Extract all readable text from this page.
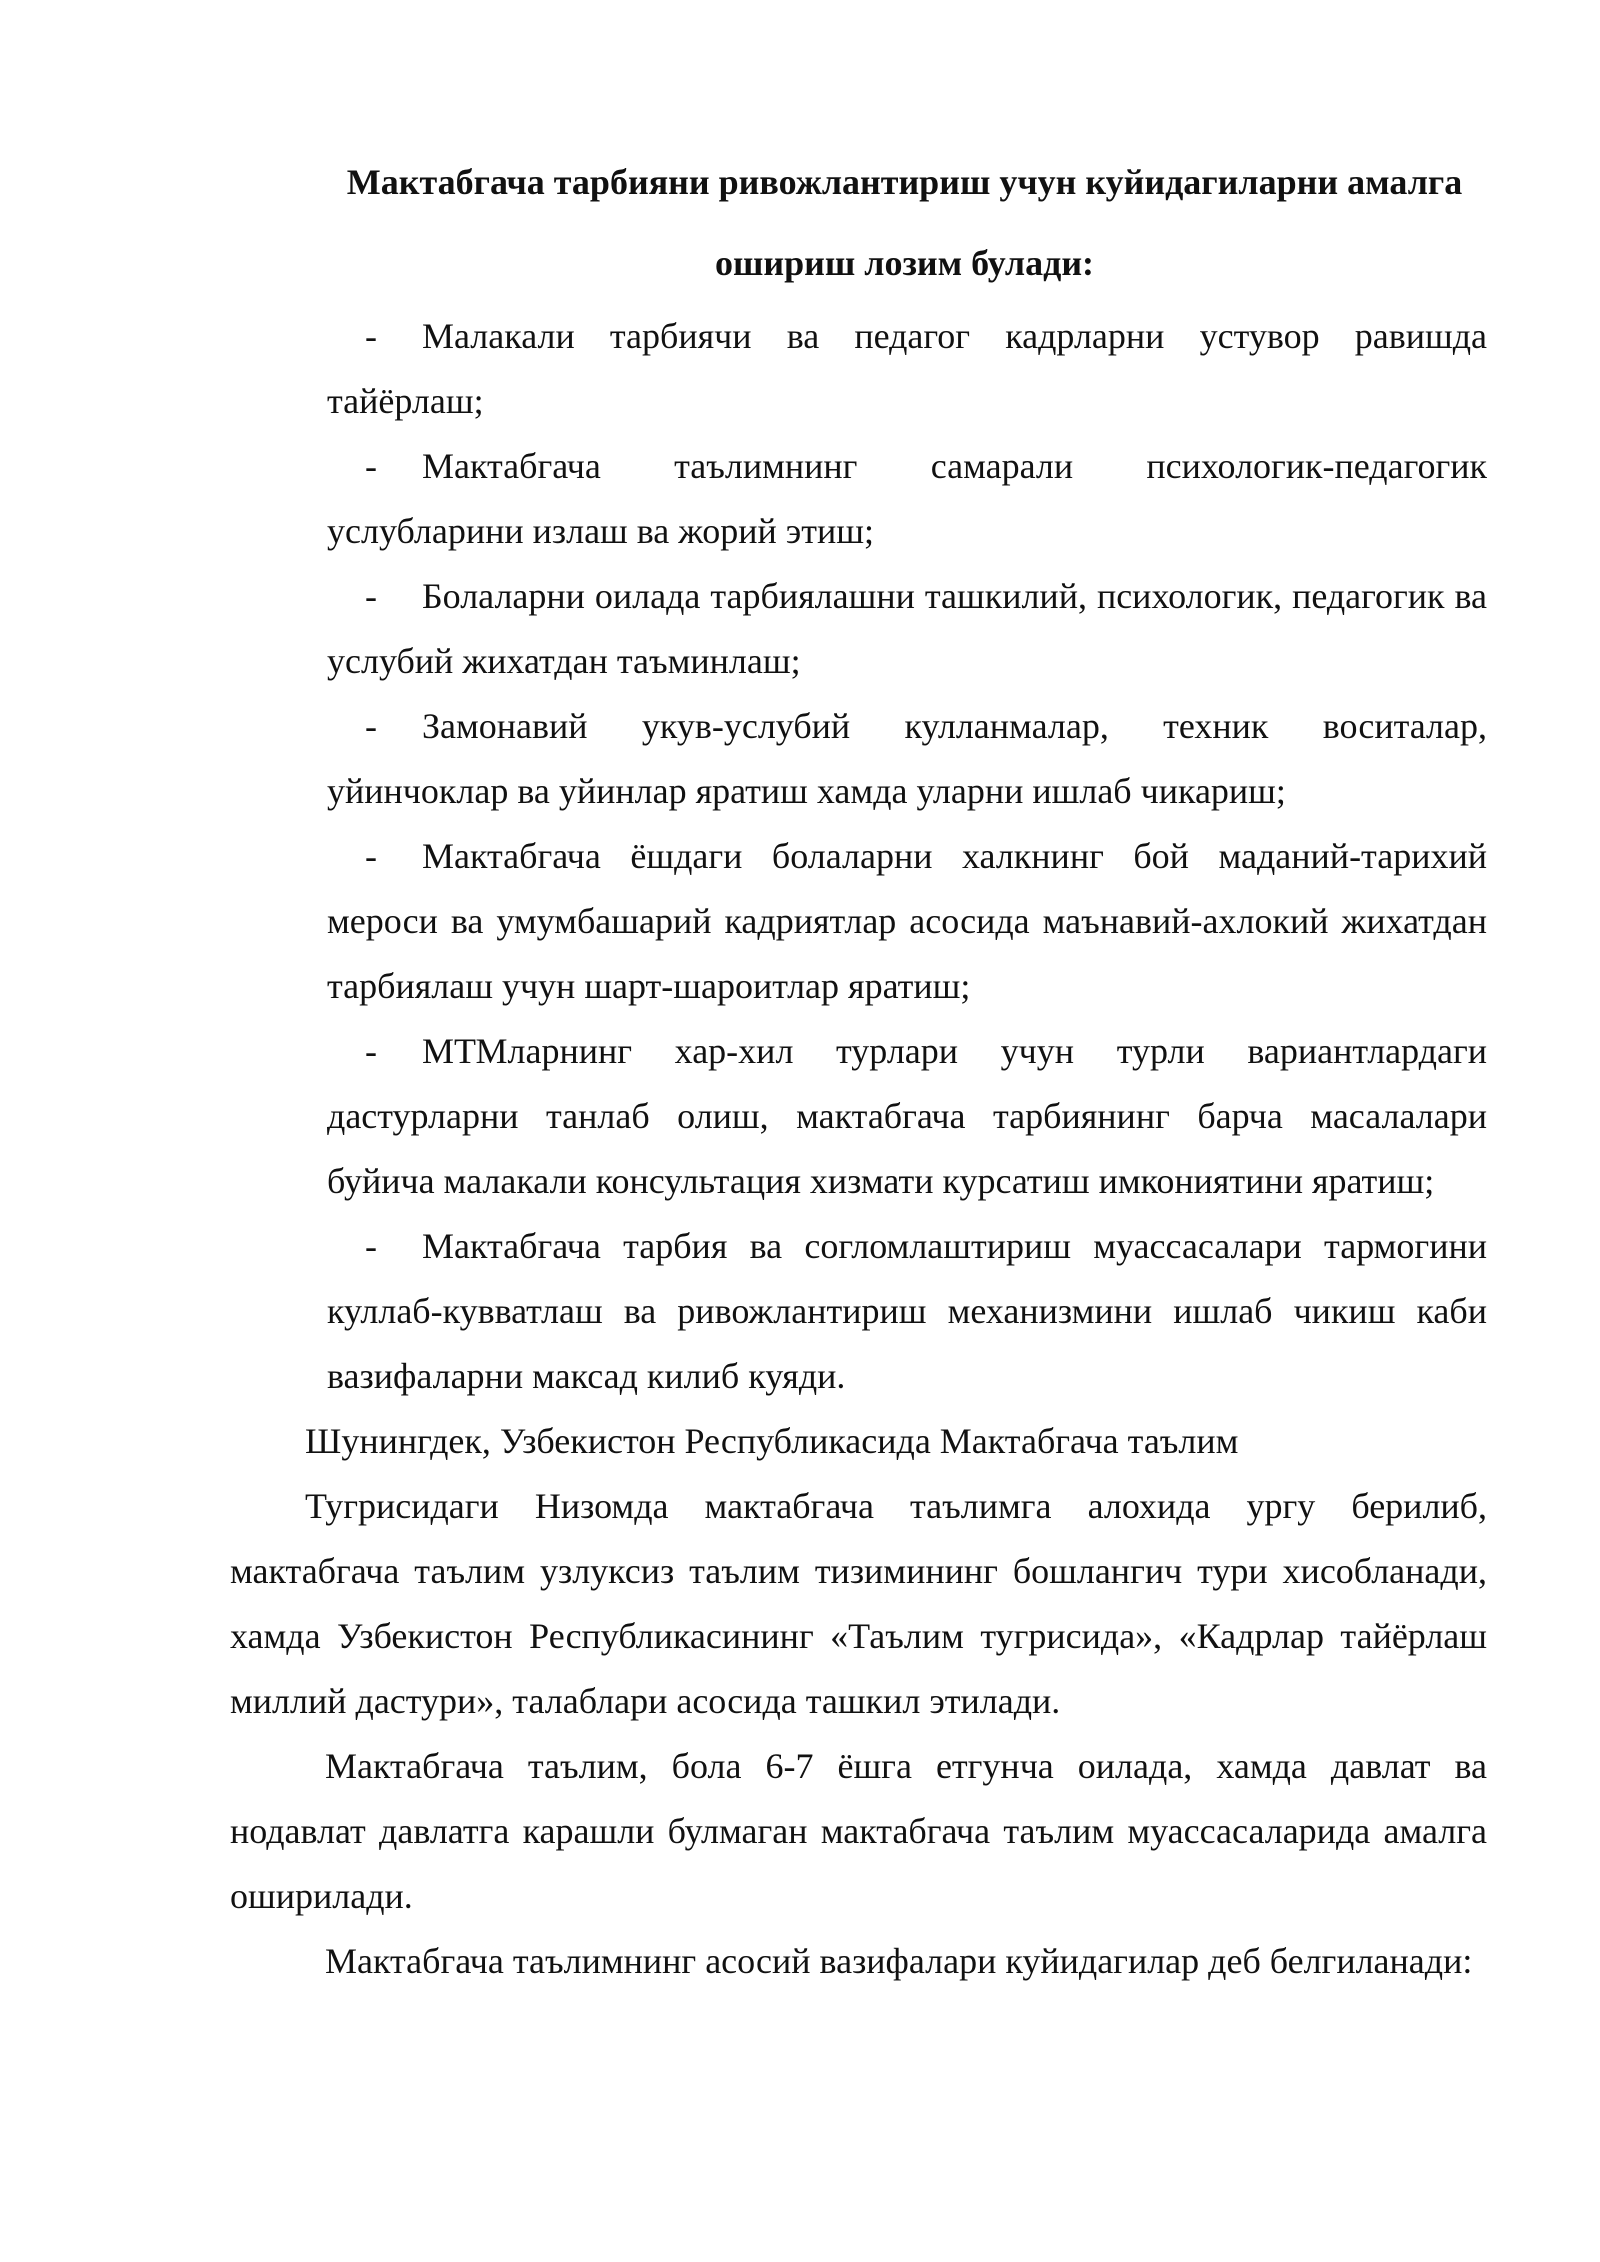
Мактабгача тарбияни ривожлантириш учун куйидагиларни амалга ошириш лозим булади:
- Малакали тарбиячи ва педагог кадрларни устувор равишда тайёрлаш;
- Мактабгача таълимнинг самарали психологик-педагогик услубларини излаш ва жорий этиш;
- Болаларни оилада тарбиялашни ташкилий, психологик, педагогик ва услубий жихатдан таъминлаш;
- Замонавий укув-услубий кулланмалар, техник воситалар, уйинчоклар ва уйинлар яратиш хамда уларни ишлаб чикариш;
- Мактабгача ёшдаги болаларни халкнинг бой маданий-тарихий мероси ва умумбашарий кадриятлар асосида маънавий-ахлокий жихатдан тарбиялаш учун шарт-шароитлар яратиш;
- МТМларнинг хар-хил турлари учун турли вариантлардаги дастурларни танлаб олиш, мактабгача тарбиянинг барча масалалари буйича малакали консультация хизмати курсатиш имкониятини яратиш;
- Мактабгача тарбия ва согломлаштириш муассасалари тармогини куллаб-кувватлаш ва ривожлантириш механизмини ишлаб чикиш каби вазифаларни максад килиб куяди.

Шунингдек, Узбекистон Республикасида Мактабгача таълим

Тугрисидаги Низомда мактабгача таълимга алохида ургу берилиб, мактабгача таълим узлуксиз таълим тизимининг бошлангич тури хисобланади, хамда Узбекистон Республикасининг «Таълим тугрисида», «Кадрлар тайёрлаш миллий дастури», талаблари асосида ташкил этилади.

Мактабгача таълим, бола 6-7 ёшга етгунча оилада, хамда давлат ва нодавлат давлатга карашли булмаган мактабгача таълим муассасаларида амалга оширилади.

Мактабгача таълимнинг асосий вазифалари куйидагилар деб белгиланади:
